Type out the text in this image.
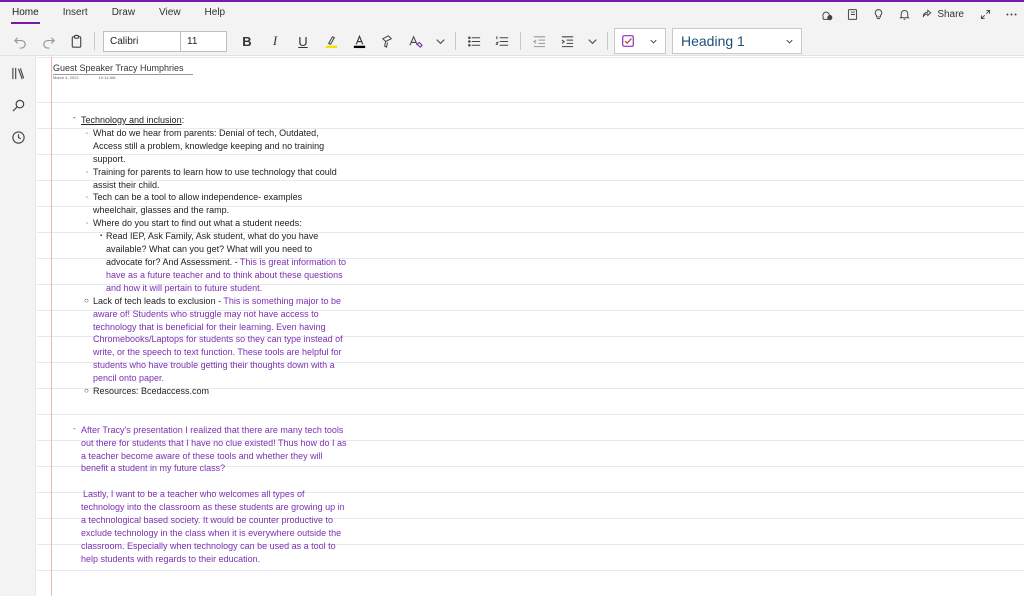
Home	Insert	Draw	View	Help	Share
Calibri	11	B	I	U	Heading 1
Guest Speaker Tracy Humphries
March 4, 2022	10:14 AM
- Technology and inclusion:
◦ What do we hear from parents: Denial of tech, Outdated,
Access still a problem, knowledge keeping and no training
support.
◦ Training for parents to learn how to use technology that could
assist their child.
◦ Tech can be a tool to allow independence- examples
wheelchair, glasses and the ramp.
◦ Where do you start to find out what a student needs:
▪ Read IEP, Ask Family, Ask student, what do you have
available? What can you get? What will you need to
advocate for? And Assessment. - This is great information to
have as a future teacher and to think about these questions
and how it will pertain to future student.
○ Lack of tech leads to exclusion - This is something major to be
aware of! Students who struggle may not have access to
technology that is beneficial for their learning. Even having
Chromebooks/Laptops for students so they can type instead of
write, or the speech to text function. These tools are helpful for
students who have trouble getting their thoughts down with a
pencil onto paper.
○ Resources: Bcedaccess.com
- After Tracy's presentation I realized that there are many tech tools
out there for students that I have no clue existed! Thus how do I as
a teacher become aware of these tools and whether they will
benefit a student in my future class?
Lastly, I want to be a teacher who welcomes all types of
technology into the classroom as these students are growing up in
a technological based society. It would be counter productive to
exclude technology in the class when it is everywhere outside the
classroom. Especially when technology can be used as a tool to
help students with regards to their education.
